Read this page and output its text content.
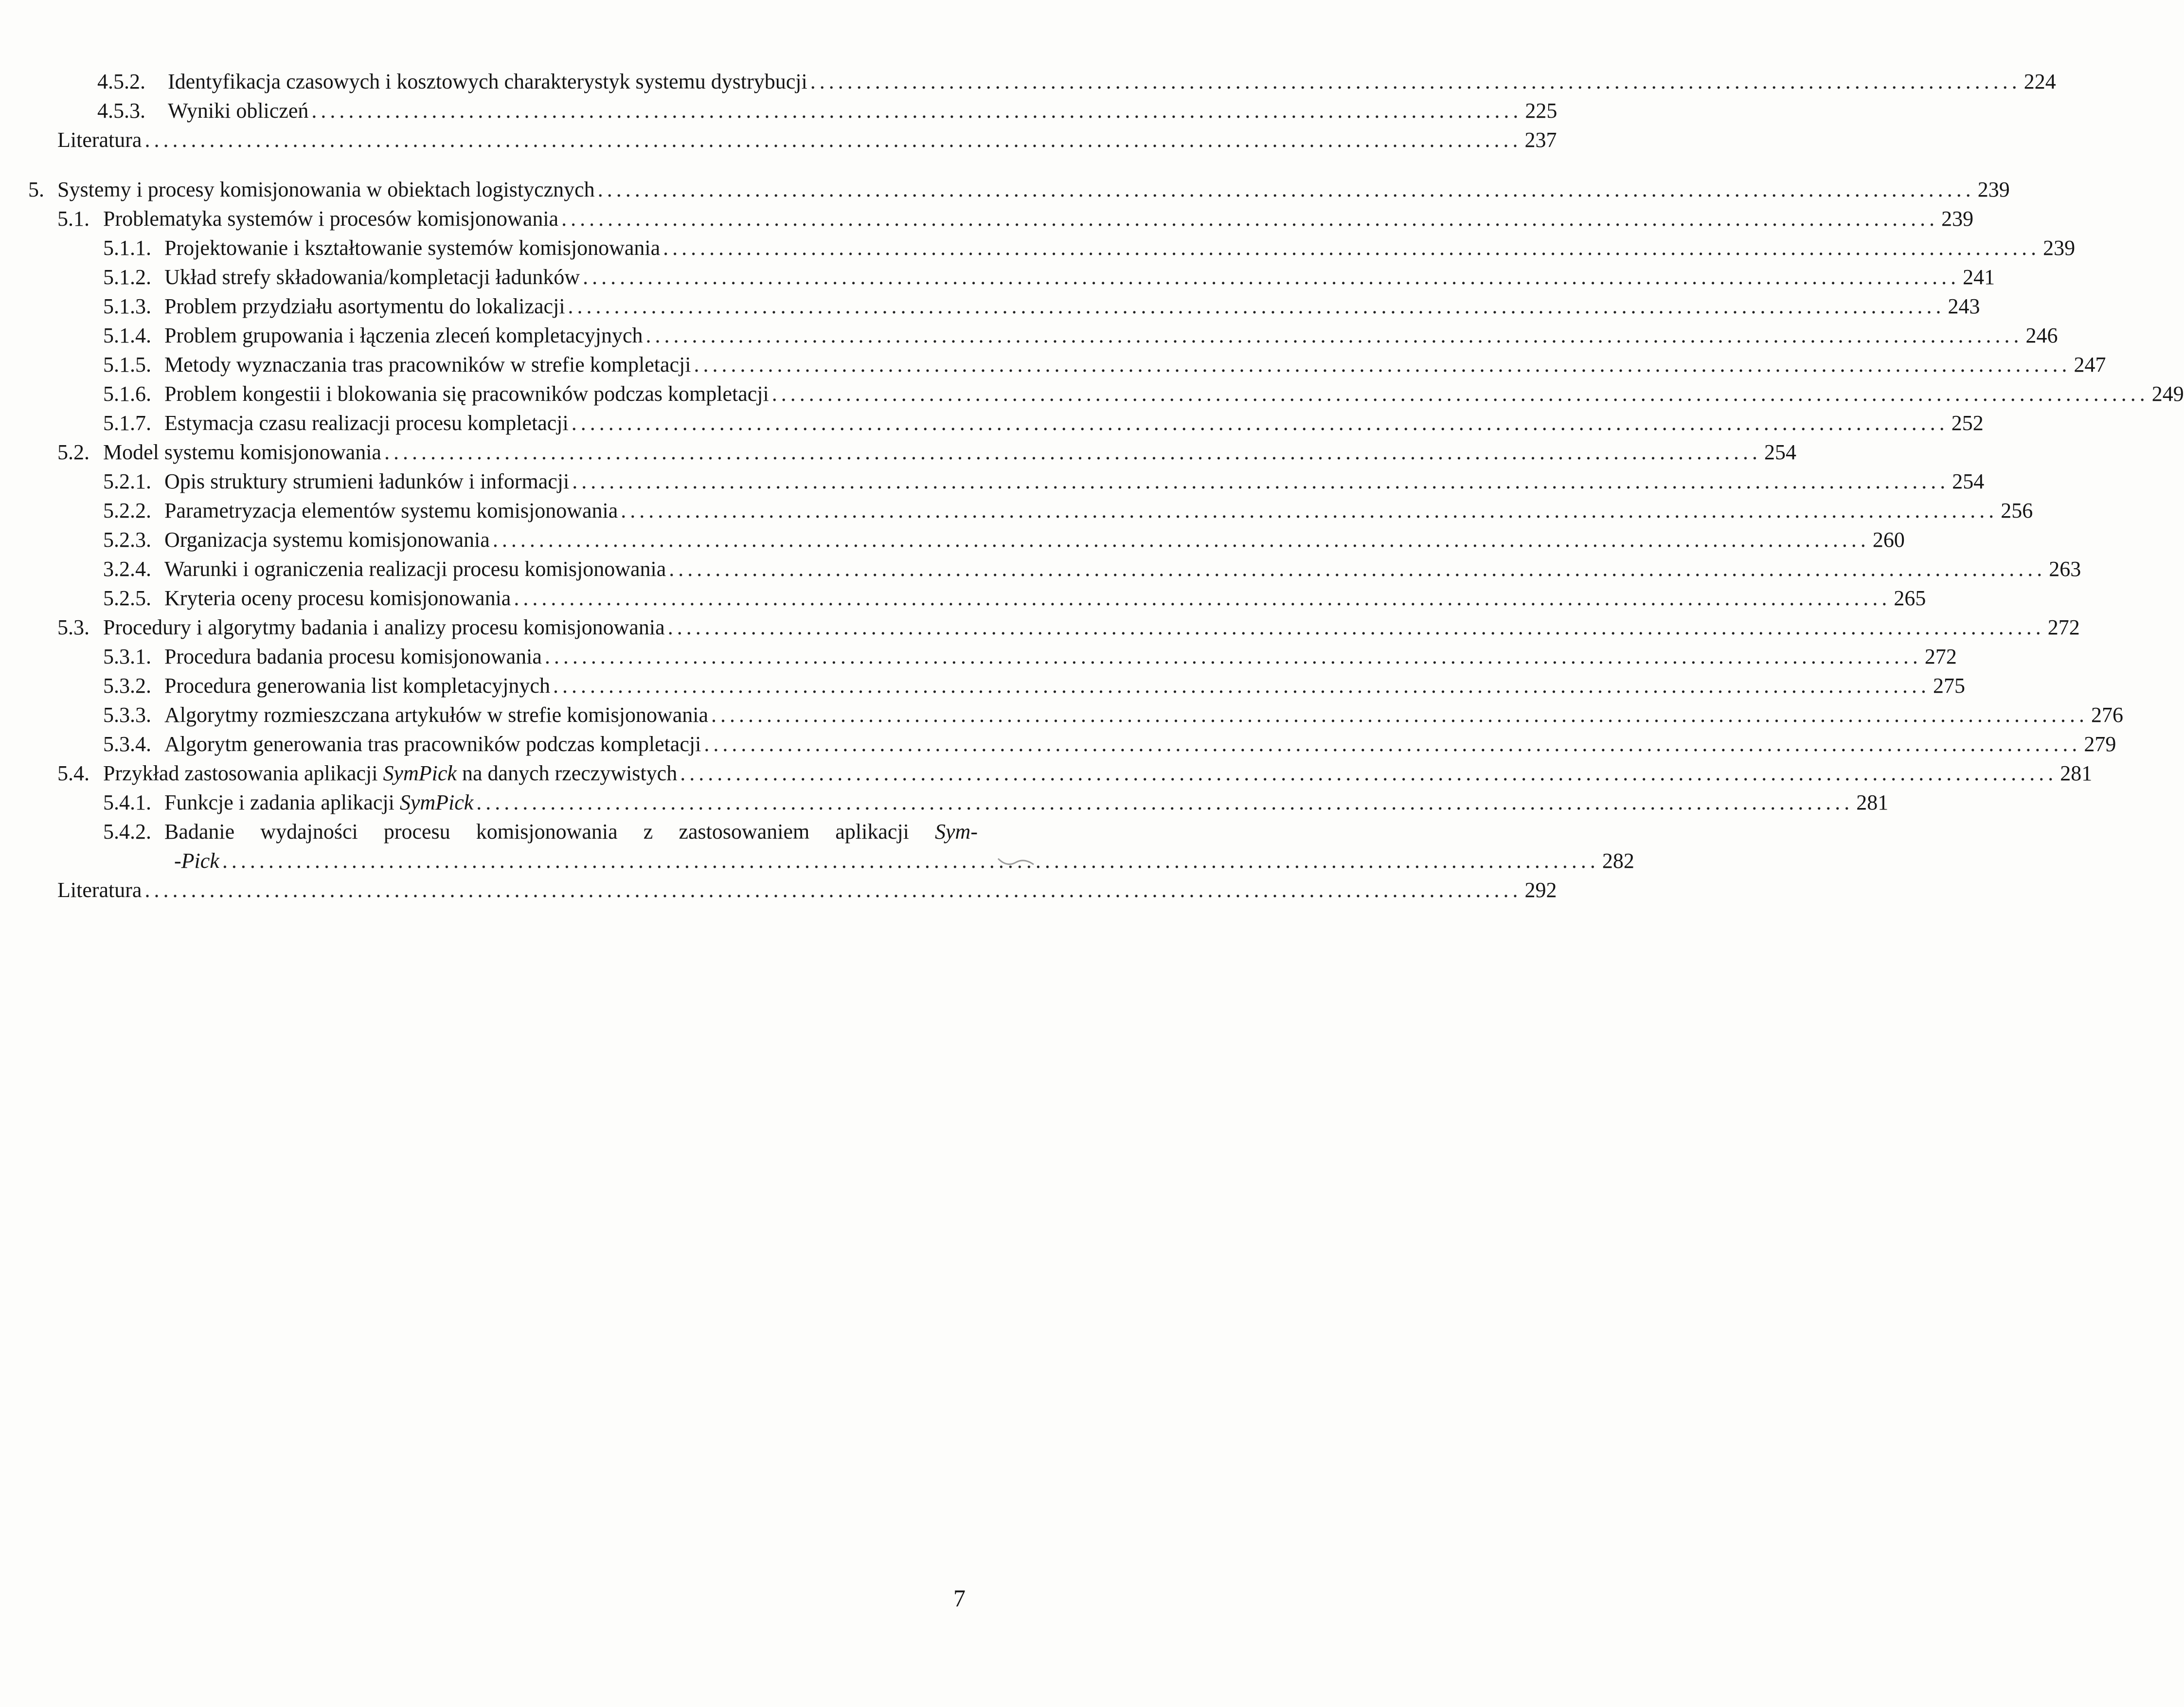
4.5.2. Identyfikacja czasowych i kosztowych charakterystyk systemu dystrybucji ................................................................................................................................... 224
4.5.3. Wyniki obliczeń ................................................................................................................................... 225
Literatura ..................................................................................................................................................... 237
5. Systemy i procesy komisjonowania w obiektach logistycznych ..................................................................................................................................................... 239
5.1. Problematyka systemów i procesów komisjonowania ..................................................................................................................................................... 239
5.1.1. Projektowanie i kształtowanie systemów komisjonowania ..................................................................................................................................................... 239
5.1.2. Układ strefy składowania/kompletacji ładunków ..................................................................................................................................................... 241
5.1.3. Problem przydziału asortymentu do lokalizacji ..................................................................................................................................................... 243
5.1.4. Problem grupowania i łączenia zleceń kompletacyjnych ..................................................................................................................................................... 246
5.1.5. Metody wyznaczania tras pracowników w strefie kompletacji ..................................................................................................................................................... 247
5.1.6. Problem kongestii i blokowania się pracowników podczas kompletacji ..................................................................................................................................................... 249
5.1.7. Estymacja czasu realizacji procesu kompletacji ..................................................................................................................................................... 252
5.2. Model systemu komisjonowania ..................................................................................................................................................... 254
5.2.1. Opis struktury strumieni ładunków i informacji ..................................................................................................................................................... 254
5.2.2. Parametryzacja elementów systemu komisjonowania ..................................................................................................................................................... 256
5.2.3. Organizacja systemu komisjonowania ..................................................................................................................................................... 260
3.2.4. Warunki i ograniczenia realizacji procesu komisjonowania ..................................................................................................................................................... 263
5.2.5. Kryteria oceny procesu komisjonowania ..................................................................................................................................................... 265
5.3. Procedury i algorytmy badania i analizy procesu komisjonowania ..................................................................................................................................................... 272
5.3.1. Procedura badania procesu komisjonowania ..................................................................................................................................................... 272
5.3.2. Procedura generowania list kompletacyjnych ..................................................................................................................................................... 275
5.3.3. Algorytmy rozmieszczana artykułów w strefie komisjonowania ..................................................................................................................................................... 276
5.3.4. Algorytm generowania tras pracowników podczas kompletacji ..................................................................................................................................................... 279
5.4. Przykład zastosowania aplikacji SymPick na danych rzeczywistych ..................................................................................................................................................... 281
5.4.1. Funkcje i zadania aplikacji SymPick ..................................................................................................................................................... 281
5.4.2. Badanie wydajności procesu komisjonowania z zastosowaniem aplikacji Sym-
-Pick ..................................................................................................................................................... 282
Literatura ..................................................................................................................................................... 292
7
